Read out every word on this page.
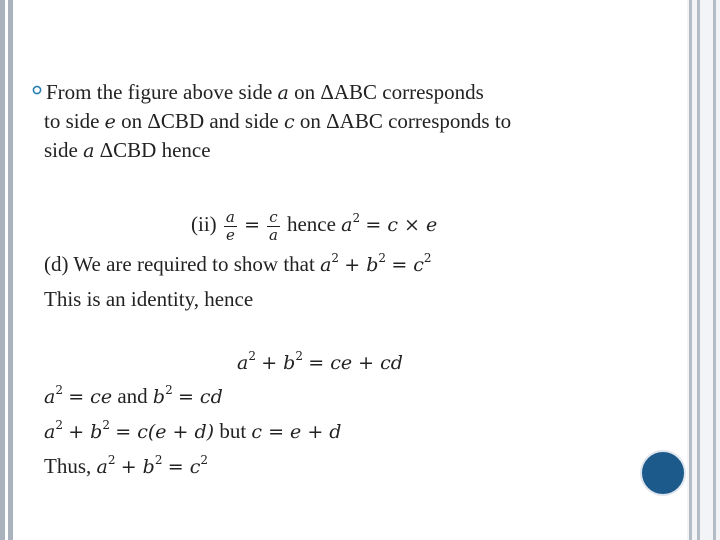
From the figure above side a on ΔABC corresponds
to side e on ΔCBD and side c on ΔABC corresponds to
side a ΔCBD hence
$(ii) \frac{a}{e} = \frac{c}{a}$ hence $a^2 = c \times e$
(d) We are required to show that $a^2 + b^2 = c^2$
This is an identity, hence
$a^2 + b^2$ = ce + cd
$a^2$ = ce and $b^2$ = cd
$a^2 + b^2 = c(e + d)$ but c = e + d
Thus, $a^2 + b^2 = c^2$
